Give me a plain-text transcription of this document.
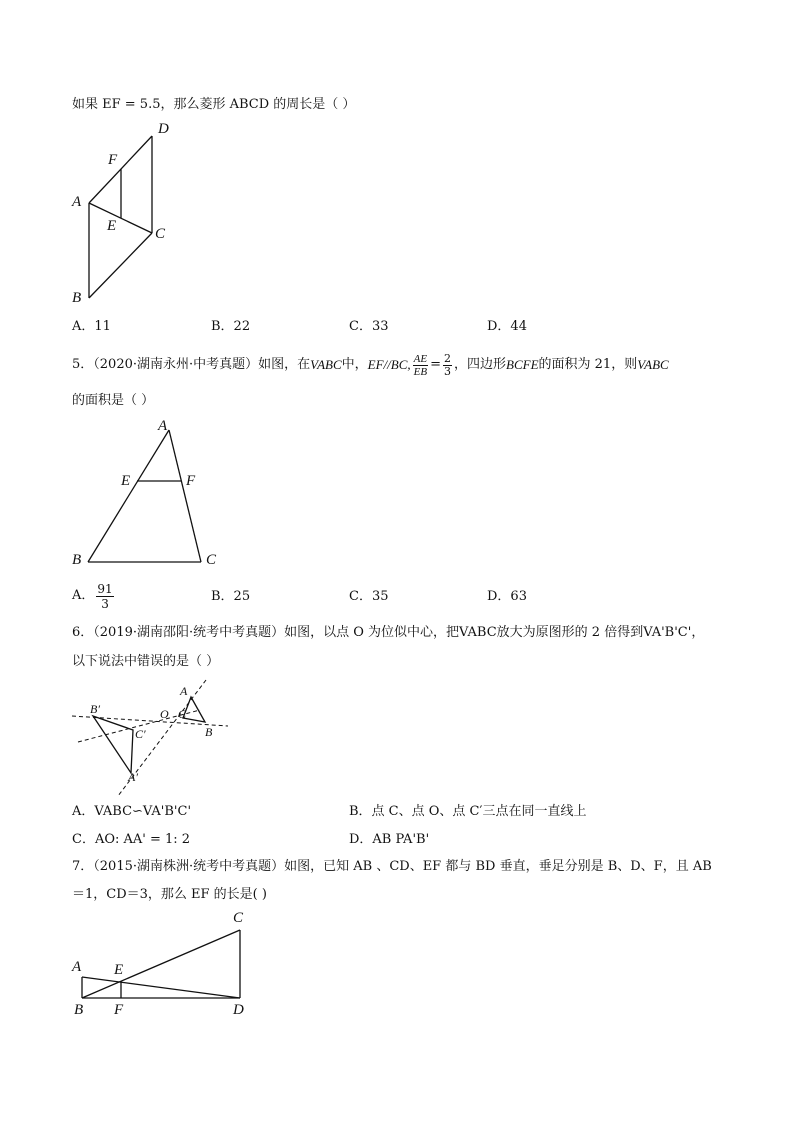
如果 EF = 5.5，那么菱形 ABCD 的周长是（ ）
D
F
A
E	C
B
A．11	B．22	C．33	D．44
5．（2020·湖南永州·中考真题）如图，在 VABC 中， EF//BC, $\frac{AE}{EB} = \frac{2}{3}$ ，四边形 BCFE 的面积为 21，则 VABC
的面积是（ ）
A
E	F
B	C
A． $\frac{91}{3}$	B．25	C．35	D．63
6．（2019·湖南邵阳·统考中考真题）如图，以点 O 为位似中心，把VABC放大为原图形的 2 倍得到VA'B'C'，
以下说法中错误的是（ ）
A
B′	O C
B
C′
A′
A．VABC∽VA'B'C'	B．点 C、点 O、点 C′三点在同一直线上
C．AO: AA' = 1: 2	D．AB PA'B'
7．（2015·湖南株洲·统考中考真题）如图，已知 AB 、CD、EF 都与 BD 垂直，垂足分别是 B、D、F，且 AB
＝1，CD＝3，那么 EF 的长是( )
C
A E
B F	D
